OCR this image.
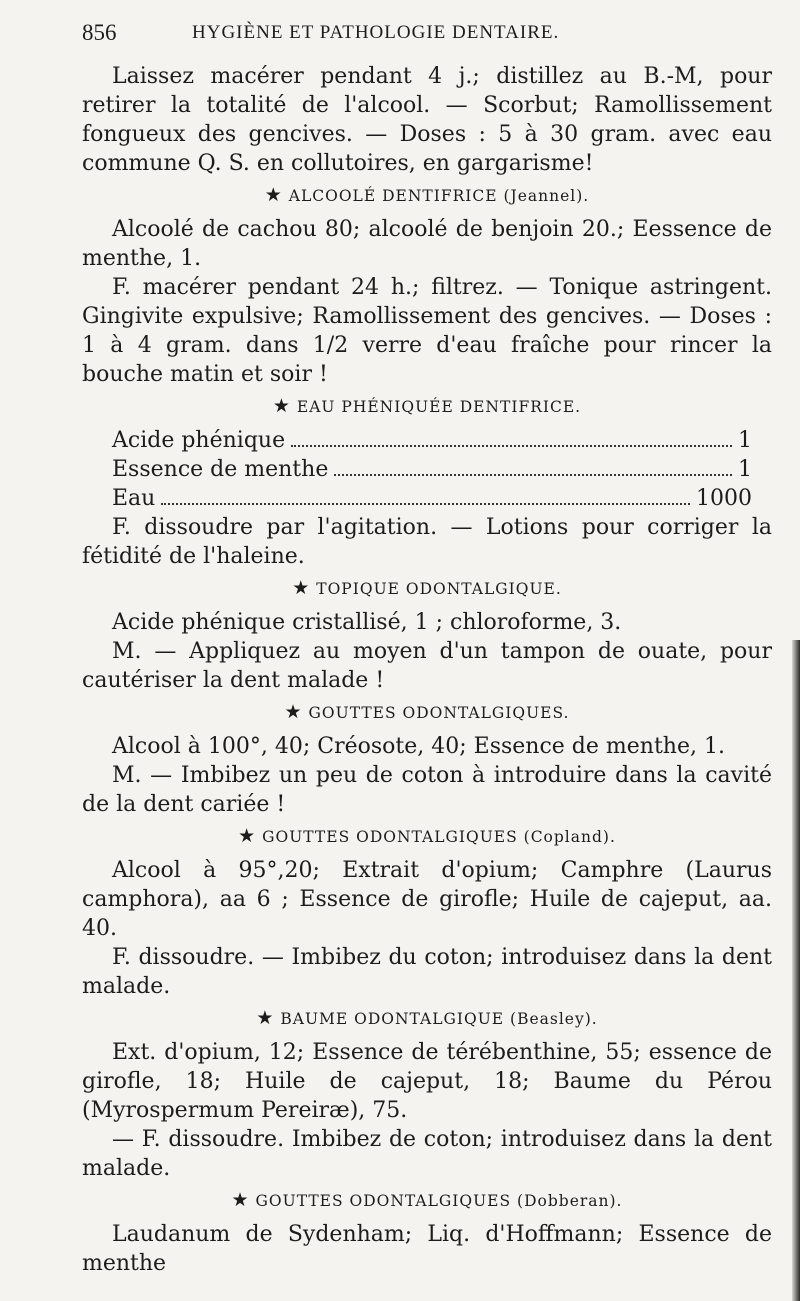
856	HYGIÈNE ET PATHOLOGIE DENTAIRE.

Laissez macérer pendant 4 j.; distillez au B.-M, pour retirer la totalité de l'alcool. — Scorbut; Ramollissement fongueux des gencives. — Doses : 5 à 30 gram. avec eau commune Q. S. en collutoires, en gargarisme!

★ ALCOOLÉ DENTIFRICE (Jeannel).

Alcoolé de cachou 80; alcoolé de benjoin 20.; Eessence de menthe, 1.

F. macérer pendant 24 h.; filtrez. — Tonique astringent. Gingivite expulsive; Ramollissement des gencives. — Doses : 1 à 4 gram. dans 1/2 verre d'eau fraîche pour rincer la bouche matin et soir !

★ EAU PHÉNIQUÉE DENTIFRICE.
Acide phénique	1
Essence de menthe	1
Eau	1000

F. dissoudre par l'agitation. — Lotions pour corriger la fétidité de l'haleine.

★ TOPIQUE ODONTALGIQUE.

Acide phénique cristallisé, 1 ; chloroforme, 3.

M. — Appliquez au moyen d'un tampon de ouate, pour cautériser la dent malade !

★ GOUTTES ODONTALGIQUES.

Alcool à 100°, 40; Créosote, 40; Essence de menthe, 1.

M. — Imbibez un peu de coton à introduire dans la cavité de la dent cariée !

★ GOUTTES ODONTALGIQUES (Copland).

Alcool à 95°,20; Extrait d'opium; Camphre (Laurus camphora), aa 6 ; Essence de girofle; Huile de cajeput, aa. 40.

F. dissoudre. — Imbibez du coton; introduisez dans la dent malade.

★ BAUME ODONTALGIQUE (Beasley).

Ext. d'opium, 12; Essence de térébenthine, 55; essence de girofle, 18; Huile de cajeput, 18; Baume du Pérou (Myrospermum Pereiræ), 75.

— F. dissoudre. Imbibez de coton; introduisez dans la dent malade.

★ GOUTTES ODONTALGIQUES (Dobberan).

Laudanum de Sydenham; Liq. d'Hoffmann; Essence de menthe
